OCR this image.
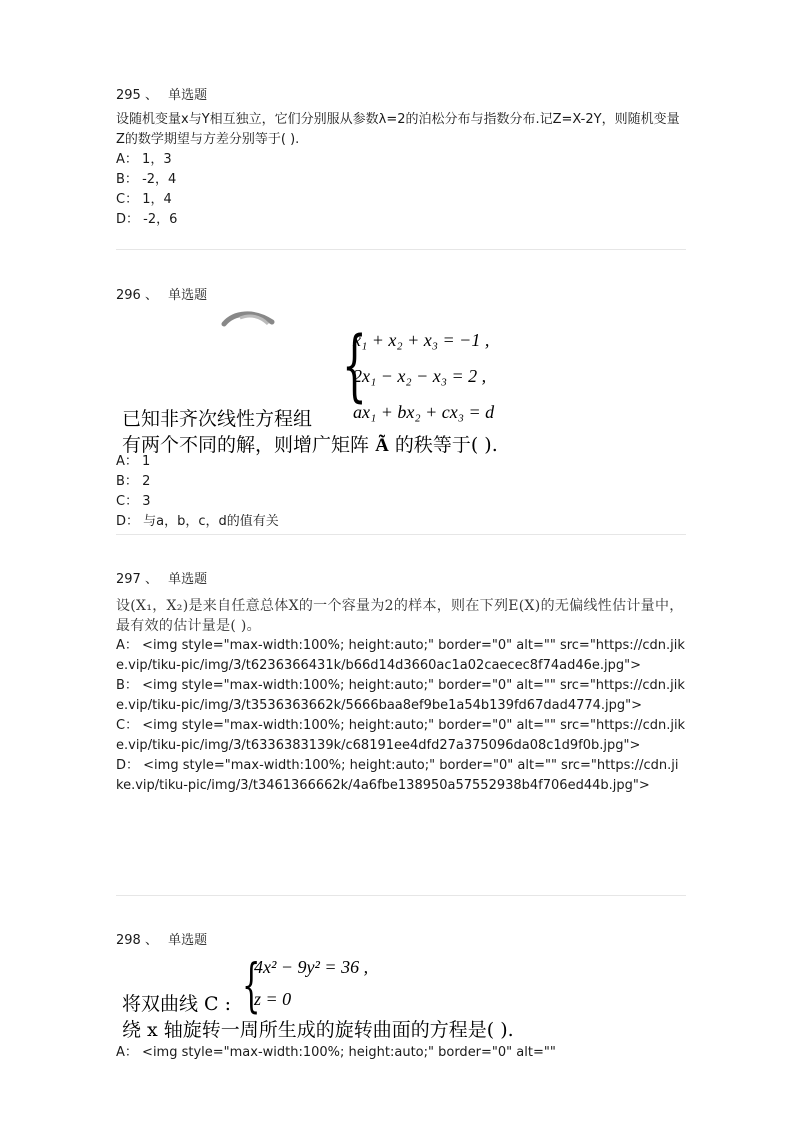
295 、 单选题
设随机变量x与Y相互独立，它们分别服从参数λ=2的泊松分布与指数分布.记Z=X-2Y，则随机变量Z的数学期望与方差分别等于( ).
A： 1，3
B： -2，4
C： 1，4
D： -2，6
296 、 单选题
{
x₁ + x₂ + x₃ = −1 ,
2x₁ − x₂ − x₃ = 2 ,
ax₁ + bx₂ + cx₃ = d
已知非齐次线性方程组
有两个不同的解，则增广矩阵 Ã 的秩等于( ).
A： 1
B： 2
C： 3
D： 与a，b，c，d的值有关
297 、 单选题
设(X₁，X₂)是来自任意总体X的一个容量为2的样本，则在下列E(X)的无偏线性估计量中，
最有效的估计量是( )。
A： <img style="max-width:100%; height:auto;" border="0" alt="" src="https://cdn.jike.vip/tiku-pic/img/3/t6236366431k/b66d14d3660ac1a02caecec8f74ad46e.jpg">
B： <img style="max-width:100%; height:auto;" border="0" alt="" src="https://cdn.jike.vip/tiku-pic/img/3/t3536363662k/5666baa8ef9be1a54b139fd67dad4774.jpg">
C： <img style="max-width:100%; height:auto;" border="0" alt="" src="https://cdn.jike.vip/tiku-pic/img/3/t6336383139k/c68191ee4dfd27a375096da08c1d9f0b.jpg">
D： <img style="max-width:100%; height:auto;" border="0" alt="" src="https://cdn.jike.vip/tiku-pic/img/3/t3461366662k/4a6fbe138950a57552938b4f706ed44b.jpg">
298 、 单选题
{
4x² − 9y² = 36 ,
z = 0
将双曲线 C :
绕 x 轴旋转一周所生成的旋转曲面的方程是( ).
A： <img style="max-width:100%; height:auto;" border="0" alt=""
